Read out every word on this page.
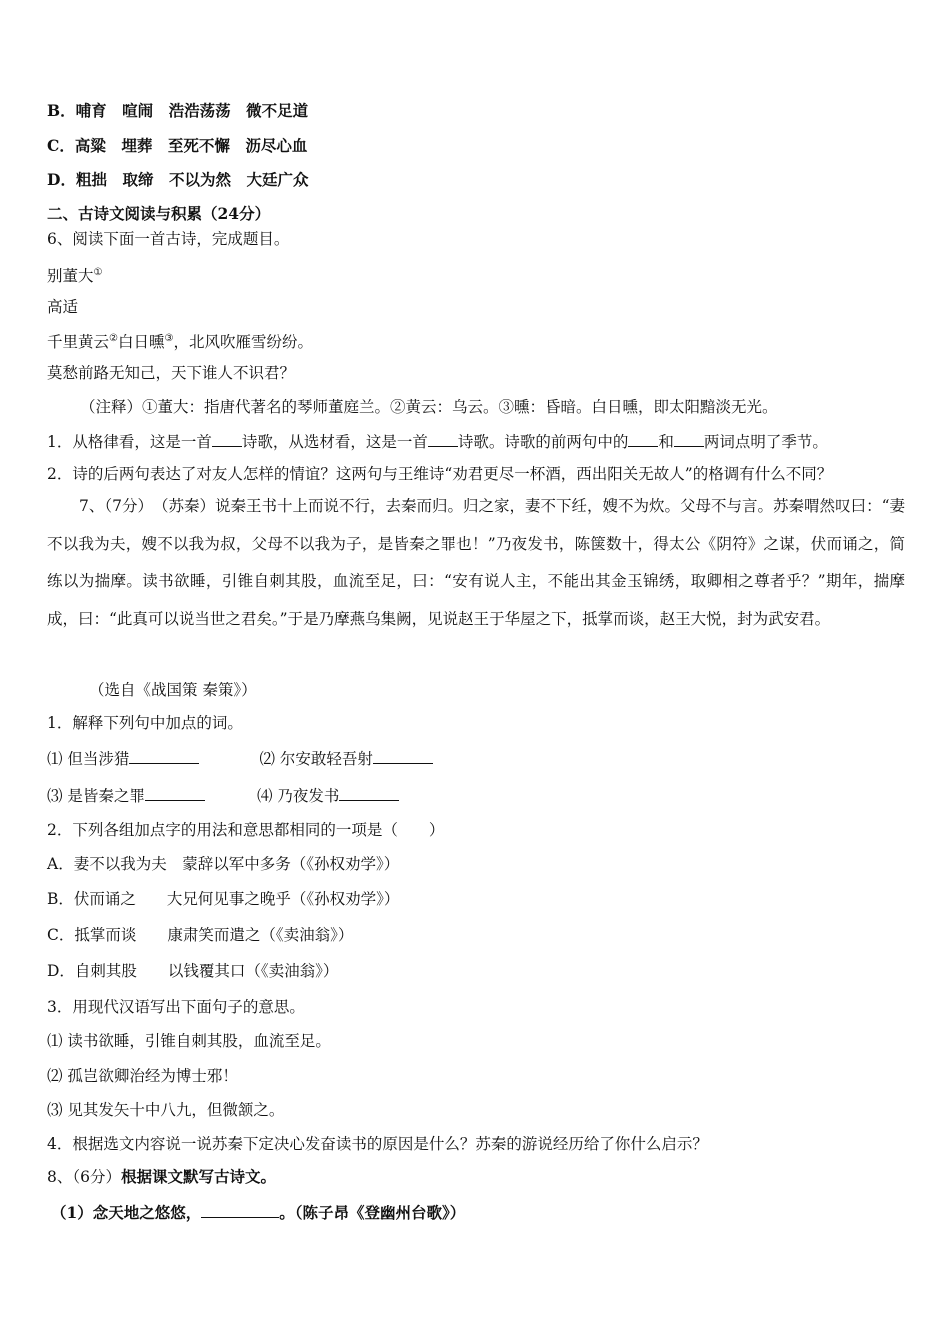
B．哺育　喧闹　浩浩荡荡　微不足道
C．高粱　埋葬　至死不懈　沥尽心血
D．粗拙　取缔　不以为然　大廷广众
二、古诗文阅读与积累（24分）
6、阅读下面一首古诗，完成题目。
别董大①
高适
千里黄云②白日曛③，北风吹雁雪纷纷。
莫愁前路无知己，天下谁人不识君？
（注释）①董大：指唐代著名的琴师董庭兰。②黄云：乌云。③曛：昏暗。白日曛，即太阳黯淡无光。
1．从格律看，这是一首 诗歌，从选材看，这是一首 诗歌。诗歌的前两句中的 和 两词点明了季节。
2．诗的后两句表达了对友人怎样的情谊？这两句与王维诗“劝君更尽一杯酒，西出阳关无故人”的格调有什么不同？
7、（7分）　（苏秦）说秦王书十上而说不行，去秦而归。归之家，妻不下纴，嫂不为炊。父母不与言。苏秦喟然叹曰：“妻不以我为夫，嫂不以我为叔，父母不以我为子，是皆秦之罪也！”乃夜发书，陈箧数十，得太公《阴符》之谋，伏而诵之，简练以为揣摩。读书欲睡，引锥自刺其股，血流至足，曰：“安有说人主，不能出其金玉锦绣，取卿相之尊者乎？”期年，揣摩成，曰：“此真可以说当世之君矣。”于是乃摩燕乌集阙，见说赵王于华屋之下，抵掌而谈，赵王大悦，封为武安君。
（选自《战国策 秦策》）
1．解释下列句中加点的词。
⑴ 但当涉猎	⑵ 尔安敢轻吾射
⑶ 是皆秦之罪	⑷ 乃夜发书
2．下列各组加点字的用法和意思都相同的一项是（　　）
A．妻不以我为夫　蒙辞以军中多务（《孙权劝学》）
B．伏而诵之　　大兄何见事之晚乎（《孙权劝学》）
C．抵掌而谈　　康肃笑而遣之（《卖油翁》）
D．自刺其股　　以钱覆其口（《卖油翁》）
3．用现代汉语写出下面句子的意思。
⑴ 读书欲睡，引锥自刺其股，血流至足。
⑵ 孤岂欲卿治经为博士邪！
⑶ 见其发矢十中八九，但微颔之。
4．根据选文内容说一说苏秦下定决心发奋读书的原因是什么？苏秦的游说经历给了你什么启示？
8、（6分）根据课文默写古诗文。
（1）念天地之悠悠，	。（陈子昂《登幽州台歌》）
